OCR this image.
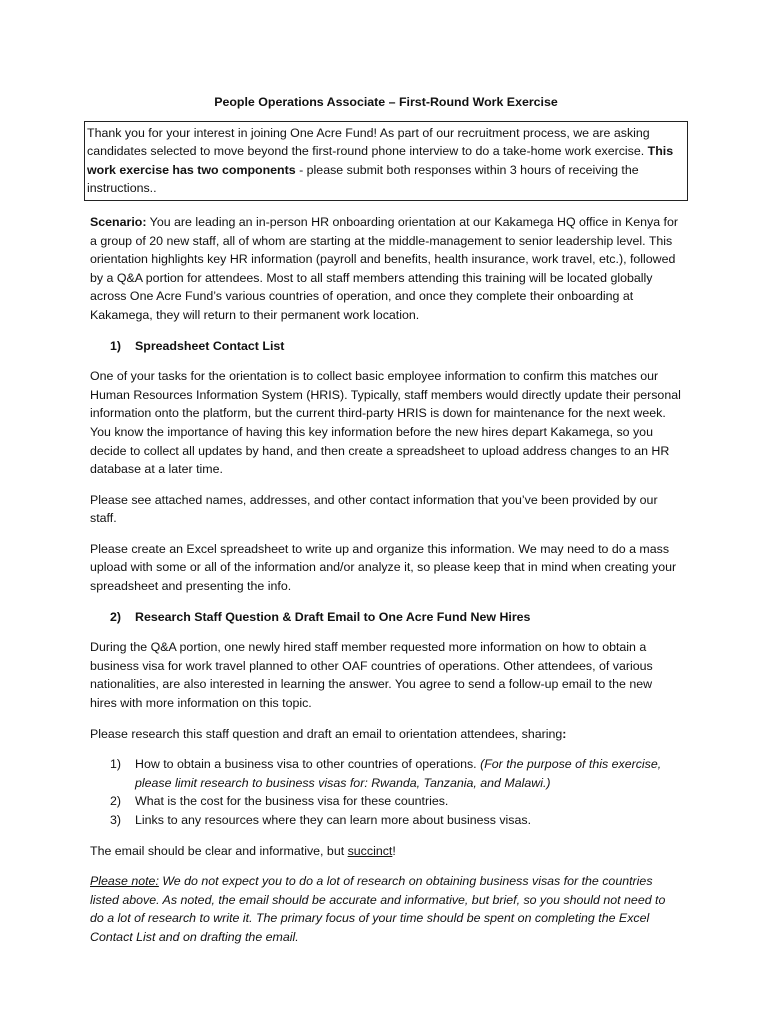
People Operations Associate – First-Round Work Exercise

Thank you for your interest in joining One Acre Fund! As part of our recruitment process, we are asking candidates selected to move beyond the first-round phone interview to do a take-home work exercise. This work exercise has two components - please submit both responses within 3 hours of receiving the instructions..

Scenario: You are leading an in-person HR onboarding orientation at our Kakamega HQ office in Kenya for a group of 20 new staff, all of whom are starting at the middle-management to senior leadership level. This orientation highlights key HR information (payroll and benefits, health insurance, work travel, etc.), followed by a Q&A portion for attendees. Most to all staff members attending this training will be located globally across One Acre Fund’s various countries of operation, and once they complete their onboarding at Kakamega, they will return to their permanent work location.

1)	Spreadsheet Contact List

One of your tasks for the orientation is to collect basic employee information to confirm this matches our Human Resources Information System (HRIS). Typically, staff members would directly update their personal information onto the platform, but the current third-party HRIS is down for maintenance for the next week. You know the importance of having this key information before the new hires depart Kakamega, so you decide to collect all updates by hand, and then create a spreadsheet to upload address changes to an HR database at a later time.

Please see attached names, addresses, and other contact information that you’ve been provided by our staff.

Please create an Excel spreadsheet to write up and organize this information. We may need to do a mass upload with some or all of the information and/or analyze it, so please keep that in mind when creating your spreadsheet and presenting the info.

2)	Research Staff Question & Draft Email to One Acre Fund New Hires

During the Q&A portion, one newly hired staff member requested more information on how to obtain a business visa for work travel planned to other OAF countries of operations. Other attendees, of various nationalities, are also interested in learning the answer. You agree to send a follow-up email to the new hires with more information on this topic.

Please research this staff question and draft an email to orientation attendees, sharing:

1)	How to obtain a business visa to other countries of operations. (For the purpose of this exercise, please limit research to business visas for: Rwanda, Tanzania, and Malawi.)
2)	What is the cost for the business visa for these countries.
3)	Links to any resources where they can learn more about business visas.

The email should be clear and informative, but succinct!

Please note: We do not expect you to do a lot of research on obtaining business visas for the countries listed above. As noted, the email should be accurate and informative, but brief, so you should not need to do a lot of research to write it. The primary focus of your time should be spent on completing the Excel Contact List and on drafting the email.
